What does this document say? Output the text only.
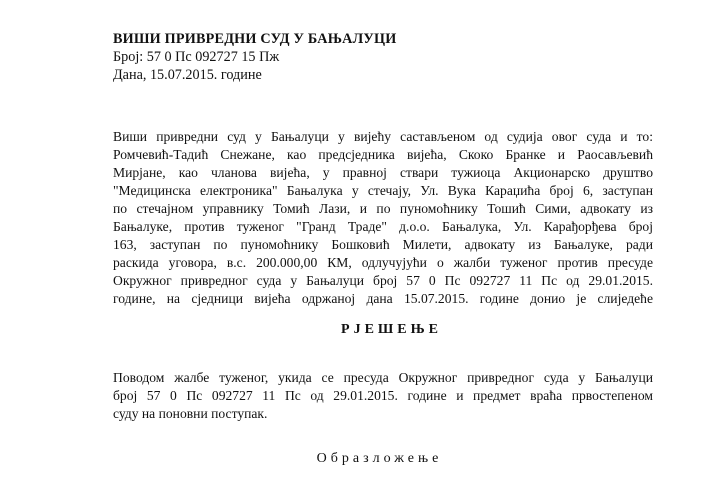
ВИШИ ПРИВРЕДНИ СУД У БАЊАЛУЦИ
Број: 57 0 Пс 092727 15 Пж
Дана, 15.07.2015. године
Виши привредни суд у Бањалуци у вијећу састављеном од судија овог суда и то:
Ромчевић-Тадић Снежане, као предсједника вијећа, Скоко Бранке и Раосављевић
Мирјане, као чланова вијећа, у правној ствари тужиоца Акционарско друштво
"Медицинска електроника" Бањалука у стечају, Ул. Вука Караџића број 6, заступан
по стечајном управнику Томић Лази, и по пуномоћнику Тошић Сими, адвокату из
Бањалуке, против туженог "Гранд Траде" д.о.о. Бањалука, Ул. Карађорђева број
163, заступан по пуномоћнику Бошковић Милети, адвокату из Бањалуке, ради
раскида уговора, в.с. 200.000,00 КМ, одлучујући о жалби туженог против пресуде
Окружног привредног суда у Бањалуци број 57 0 Пс 092727 11 Пс од 29.01.2015.
године, на сједници вијећа одржаној дана 15.07.2015. године донио је слиједеће
РЈЕШЕЊЕ
Поводом жалбе туженог, укида се пресуда Окружног привредног суда у Бањалуци
број 57 0 Пс 092727 11 Пс од 29.01.2015. године и предмет враћа првостепеном
суду на поновни поступак.
Образложење
